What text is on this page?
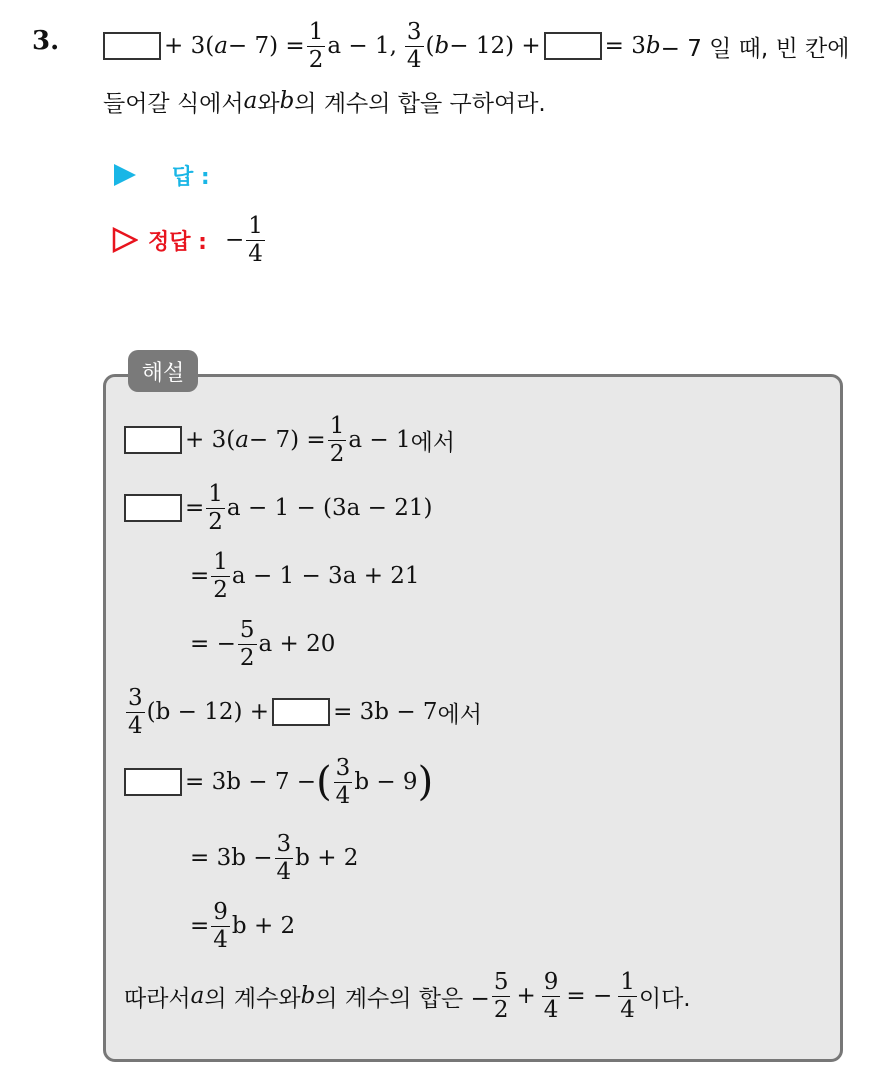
3.	+ 3( $a - 7) = \frac{1}{2}$ a − 1, $\frac{3}{4}$ ( b − 12) +	= 3 b − 7 일 때, 빈 칸에
들어갈 식에서 a 와 b 의 계수의 합을 구하여라.
답 :
정답 : − $\frac{1}{4}$
해설
+ 3( $a - 7) = \frac{1}{2}$ a − 1 에서
= $\frac{1}{2}$ a − 1 − (3a − 21)
= $\frac{1}{2}$ a − 1 − 3a + 21
= − $\frac{5}{2}$ a + 20
$\frac{3}{4} (b - 12)$ +	= 3b − 7 에서
= 3b − 7 − ( $\frac{3}{4}$ b − 9 )
= $3b - \frac{3}{4}$ b + 2
= $\frac{9}{4}$ b + 2
따라서 a 의 계수와 b 의 계수의 합은 − $\frac{5}{2} + \frac{9}{4}$ = − $\frac{1}{4}$ 이다.
